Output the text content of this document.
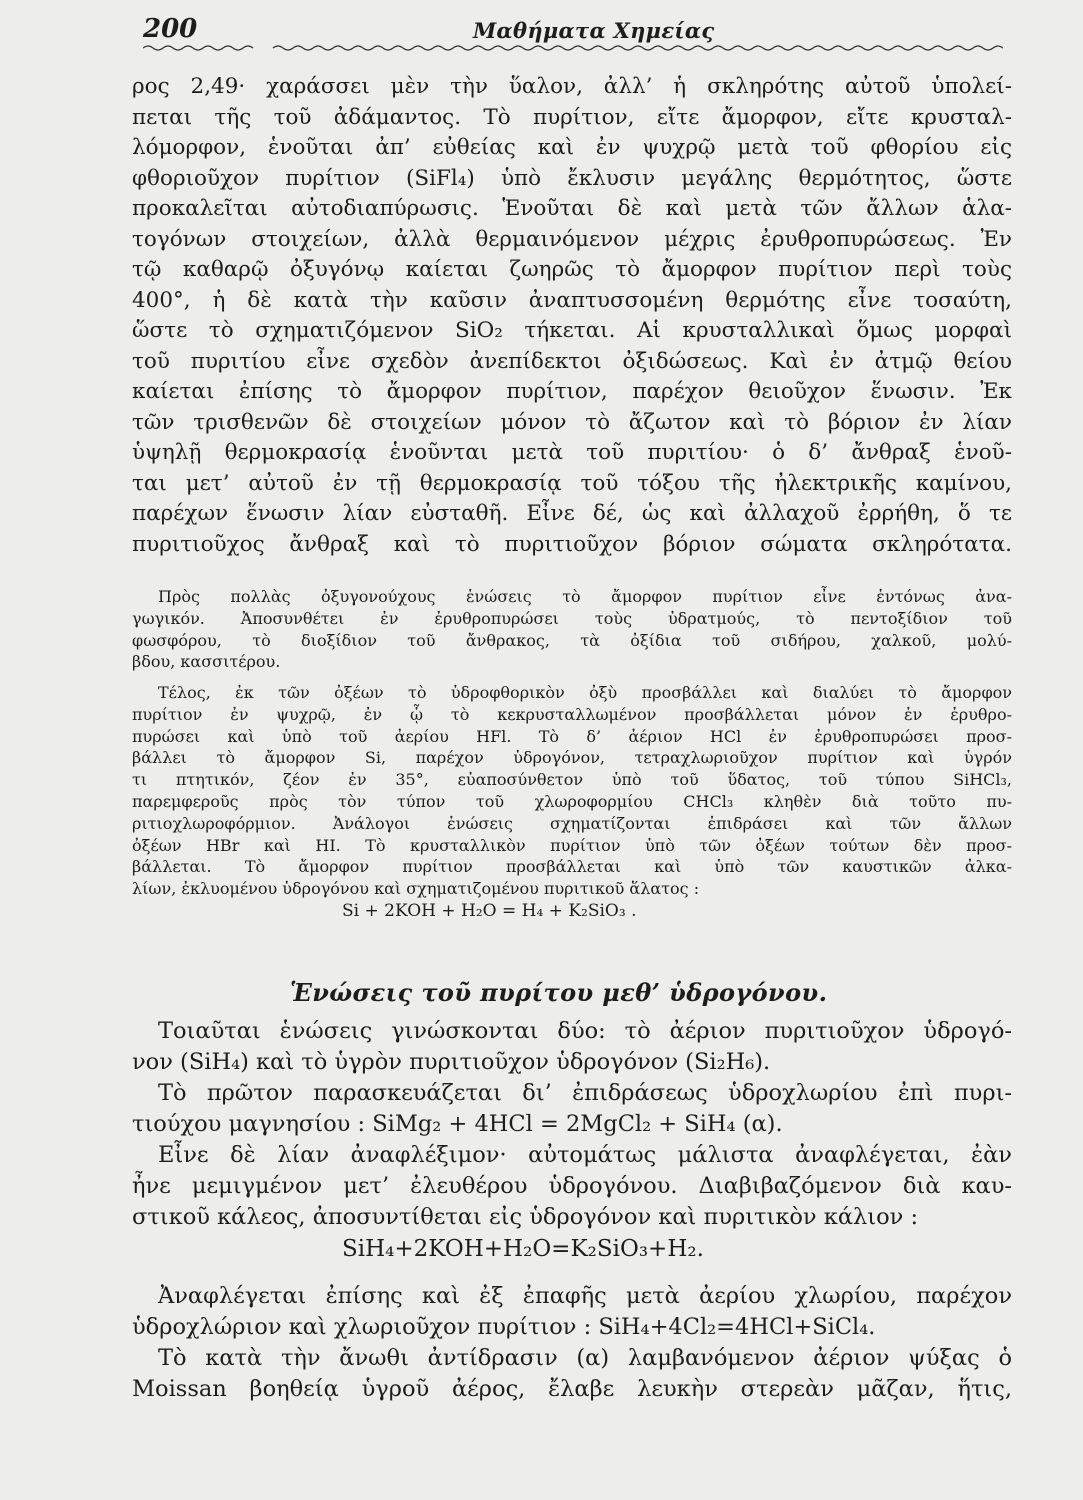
200	Μαθήματα Χημείας
ρος 2,49· χαράσσει μὲν τὴν ὕαλον, ἀλλ’ ἡ σκληρότης αὐτοῦ ὑπολεί-
πεται τῆς τοῦ ἀδάμαντος. Τὸ πυρίτιον, εἴτε ἄμορφον, εἴτε κρυσταλ-
λόμορφον, ἑνοῦται ἀπ’ εὐθείας καὶ ἐν ψυχρῷ μετὰ τοῦ φθορίου εἰς
φθοριοῦχον πυρίτιον (SiFl₄) ὑπὸ ἔκλυσιν μεγάλης θερμότητος, ὥστε
προκαλεῖται αὐτοδιαπύρωσις. Ἑνοῦται δὲ καὶ μετὰ τῶν ἄλλων ἁλα-
τογόνων στοιχείων, ἀλλὰ θερμαινόμενον μέχρις ἐρυθροπυρώσεως. Ἐν
τῷ καθαρῷ ὀξυγόνῳ καίεται ζωηρῶς τὸ ἄμορφον πυρίτιον περὶ τοὺς
400°, ἡ δὲ κατὰ τὴν καῦσιν ἀναπτυσσομένη θερμότης εἶνε τοσαύτη,
ὥστε τὸ σχηματιζόμενον SiO₂ τήκεται. Αἱ κρυσταλλικαὶ ὅμως μορφαὶ
τοῦ πυριτίου εἶνε σχεδὸν ἀνεπίδεκτοι ὀξιδώσεως. Καὶ ἐν ἀτμῷ θείου
καίεται ἐπίσης τὸ ἄμορφον πυρίτιον, παρέχον θειοῦχον ἕνωσιν. Ἐκ
τῶν τρισθενῶν δὲ στοιχείων μόνον τὸ ἄζωτον καὶ τὸ βόριον ἐν λίαν
ὑψηλῇ θερμοκρασίᾳ ἑνοῦνται μετὰ τοῦ πυριτίου· ὁ δ’ ἄνθραξ ἑνοῦ-
ται μετ’ αὐτοῦ ἐν τῇ θερμοκρασίᾳ τοῦ τόξου τῆς ἠλεκτρικῆς καμίνου,
παρέχων ἕνωσιν λίαν εὐσταθῆ. Εἶνε δέ, ὡς καὶ ἀλλαχοῦ ἐρρήθη, ὅ τε
πυριτιοῦχος ἄνθραξ καὶ τὸ πυριτιοῦχον βόριον σώματα σκληρότατα.
Πρὸς πολλὰς ὀξυγονούχους ἑνώσεις τὸ ἄμορφον πυρίτιον εἶνε ἐντόνως ἀνα-
γωγικόν. Ἀποσυνθέτει ἐν ἐρυθροπυρώσει τοὺς ὑδρατμούς, τὸ πεντοξίδιον τοῦ
φωσφόρου, τὸ διοξίδιον τοῦ ἄνθρακος, τὰ ὀξίδια τοῦ σιδήρου, χαλκοῦ, μολύ-
βδου, κασσιτέρου.
Τέλος, ἐκ τῶν ὀξέων τὸ ὑδροφθορικὸν ὀξὺ προσβάλλει καὶ διαλύει τὸ ἄμορφον
πυρίτιον ἐν ψυχρῷ, ἐν ᾧ τὸ κεκρυσταλλωμένον προσβάλλεται μόνον ἐν ἐρυθρο-
πυρώσει καὶ ὑπὸ τοῦ ἀερίου HFl. Τὸ δ’ ἀέριον HCl ἐν ἐρυθροπυρώσει προσ-
βάλλει τὸ ἄμορφον Si, παρέχον ὑδρογόνον, τετραχλωριοῦχον πυρίτιον καὶ ὑγρόν
τι πτητικόν, ζέον ἐν 35°, εὐαποσύνθετον ὑπὸ τοῦ ὕδατος, τοῦ τύπου SiHCl₃,
παρεμφεροῦς πρὸς τὸν τύπον τοῦ χλωροφορμίου CHCl₃ κληθὲν διὰ τοῦτο πυ-
ριτιοχλωροφόρμιον. Ἀνάλογοι ἑνώσεις σχηματίζονται ἐπιδράσει καὶ τῶν ἄλλων
ὀξέων HBr καὶ HI. Τὸ κρυσταλλικὸν πυρίτιον ὑπὸ τῶν ὀξέων τούτων δὲν προσ-
βάλλεται. Τὸ ἄμορφον πυρίτιον προσβάλλεται καὶ ὑπὸ τῶν καυστικῶν ἀλκα-
λίων, ἐκλυομένου ὑδρογόνου καὶ σχηματιζομένου πυριτικοῦ ἅλατος :
Si + 2KOH + H₂O = H₄ + K₂SiO₃ .
Ἑνώσεις τοῦ πυρίτου μεθ’ ὑδρογόνου.
Τοιαῦται ἑνώσεις γινώσκονται δύο: τὸ ἀέριον πυριτιοῦχον ὑδρογό-
νον (SiH₄) καὶ τὸ ὑγρὸν πυριτιοῦχον ὑδρογόνον (Si₂H₆).
Τὸ πρῶτον παρασκευάζεται δι’ ἐπιδράσεως ὑδροχλωρίου ἐπὶ πυρι-
τιούχου μαγνησίου : SiMg₂ + 4HCl = 2MgCl₂ + SiH₄ (α).
Εἶνε δὲ λίαν ἀναφλέξιμον· αὐτομάτως μάλιστα ἀναφλέγεται, ἐὰν
ἦνε μεμιγμένον μετ’ ἐλευθέρου ὑδρογόνου. Διαβιβαζόμενον διὰ καυ-
στικοῦ κάλεος, ἀποσυντίθεται εἰς ὑδρογόνον καὶ πυριτικὸν κάλιον :
SiH₄+2KOH+H₂O=K₂SiO₃+H₂.
Ἀναφλέγεται ἐπίσης καὶ ἐξ ἐπαφῆς μετὰ ἀερίου χλωρίου, παρέχον
ὑδροχλώριον καὶ χλωριοῦχον πυρίτιον : SiH₄+4Cl₂=4HCl+SiCl₄.
Τὸ κατὰ τὴν ἄνωθι ἀντίδρασιν (α) λαμβανόμενον ἀέριον ψύξας ὁ
Moissan βοηθείᾳ ὑγροῦ ἀέρος, ἔλαβε λευκὴν στερεὰν μᾶζαν, ἥτις,
